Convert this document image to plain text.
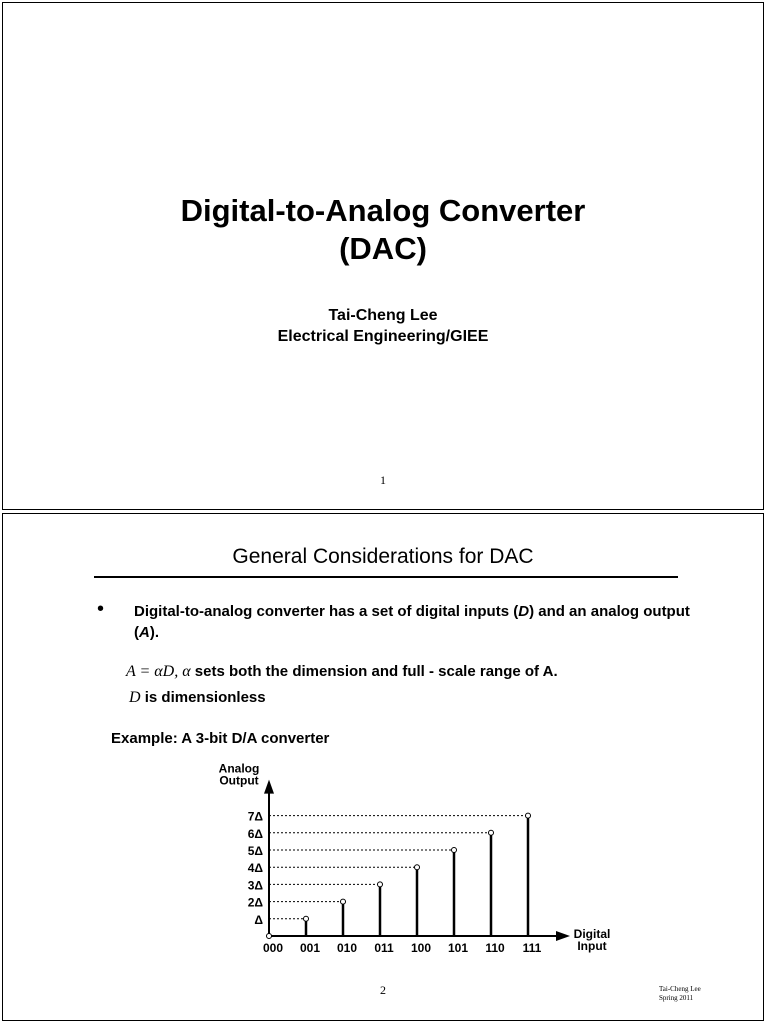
Digital-to-Analog Converter
(DAC)
Tai-Cheng Lee
Electrical Engineering/GIEE
1
General Considerations for DAC
• Digital-to-analog converter has a set of digital inputs (D) and an analog output (A).
A = αD, α sets both the dimension and full - scale range of A.
D is dimensionless
Example: A 3-bit D/A converter
Analog
Output
Digital
Input
Δ
2Δ
3Δ
4Δ
5Δ
6Δ
7Δ
000 001 010 011 100 101 110 111
2	Tai-Cheng Lee
Spring 2011
